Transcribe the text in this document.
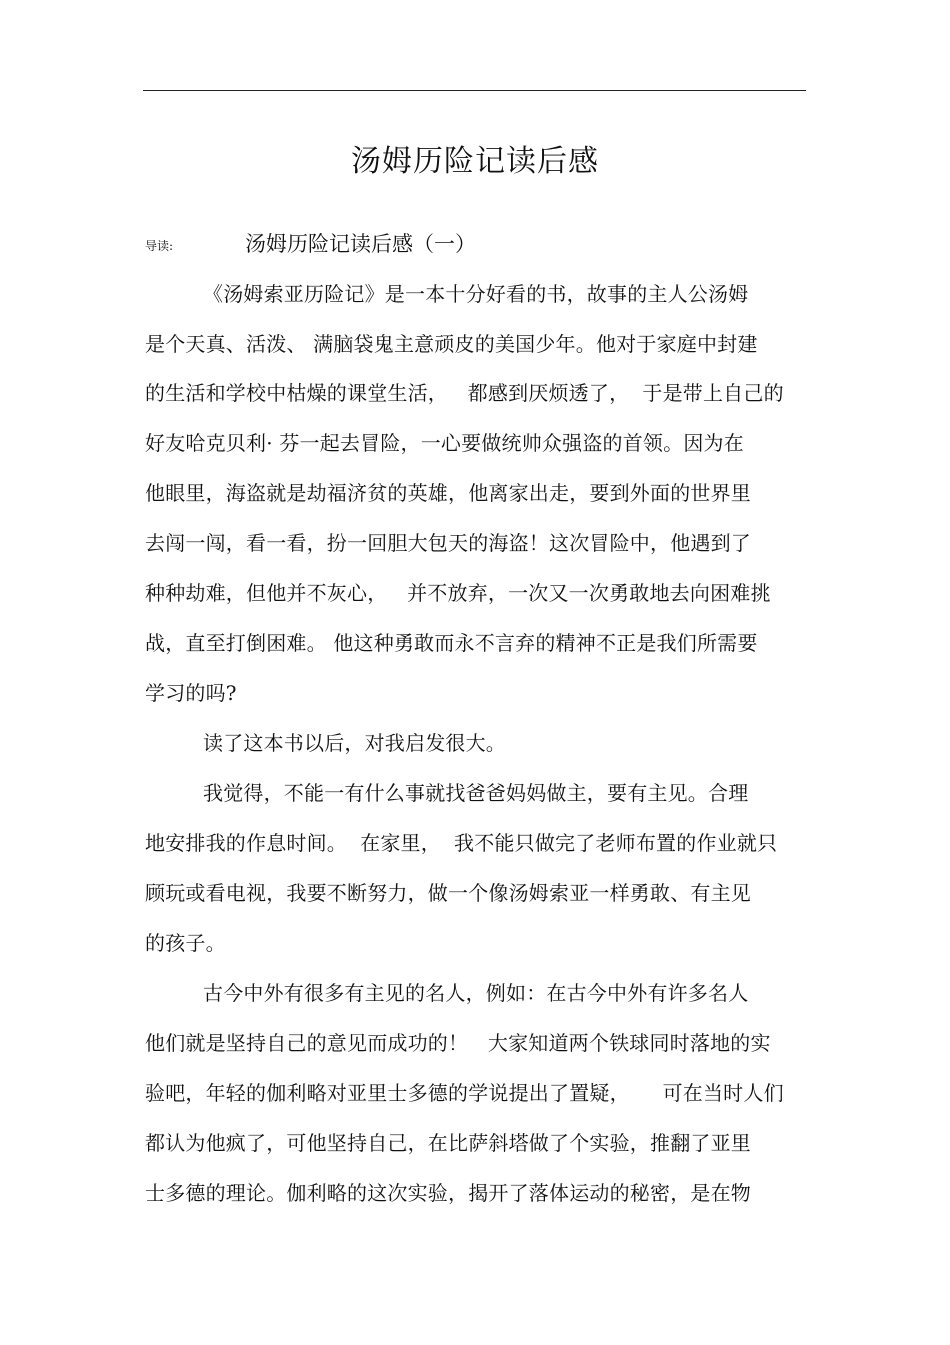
汤姆历险记读后感
导读:	汤姆历险记读后感（一）
《汤姆索亚历险记》是一本十分好看的书，故事的主人公汤姆
是个天真、活泼、 满脑袋鬼主意顽皮的美国少年。他对于家庭中封建
的生活和学校中枯燥的课堂生活，   都感到厌烦透了，  于是带上自己的
好友哈克贝利· 芬一起去冒险，一心要做统帅众强盗的首领。因为在
他眼里，海盗就是劫福济贫的英雄，他离家出走，要到外面的世界里
去闯一闯，看一看，扮一回胆大包天的海盗！这次冒险中，他遇到了
种种劫难，但他并不灰心，   并不放弃，一次又一次勇敢地去向困难挑
战，直至打倒困难。 他这种勇敢而永不言弃的精神不正是我们所需要
学习的吗?
读了这本书以后，对我启发很大。
我觉得，不能一有什么事就找爸爸妈妈做主，要有主见。合理
地安排我的作息时间。  在家里，  我不能只做完了老师布置的作业就只
顾玩或看电视，我要不断努力，做一个像汤姆索亚一样勇敢、有主见
的孩子。
古今中外有很多有主见的名人，例如：在古今中外有许多名人
他们就是坚持自己的意见而成功的！   大家知道两个铁球同时落地的实
验吧，年轻的伽利略对亚里士多德的学说提出了置疑，     可在当时人们
都认为他疯了，可他坚持自己，在比萨斜塔做了个实验，推翻了亚里
士多德的理论。伽利略的这次实验，揭开了落体运动的秘密，是在物
